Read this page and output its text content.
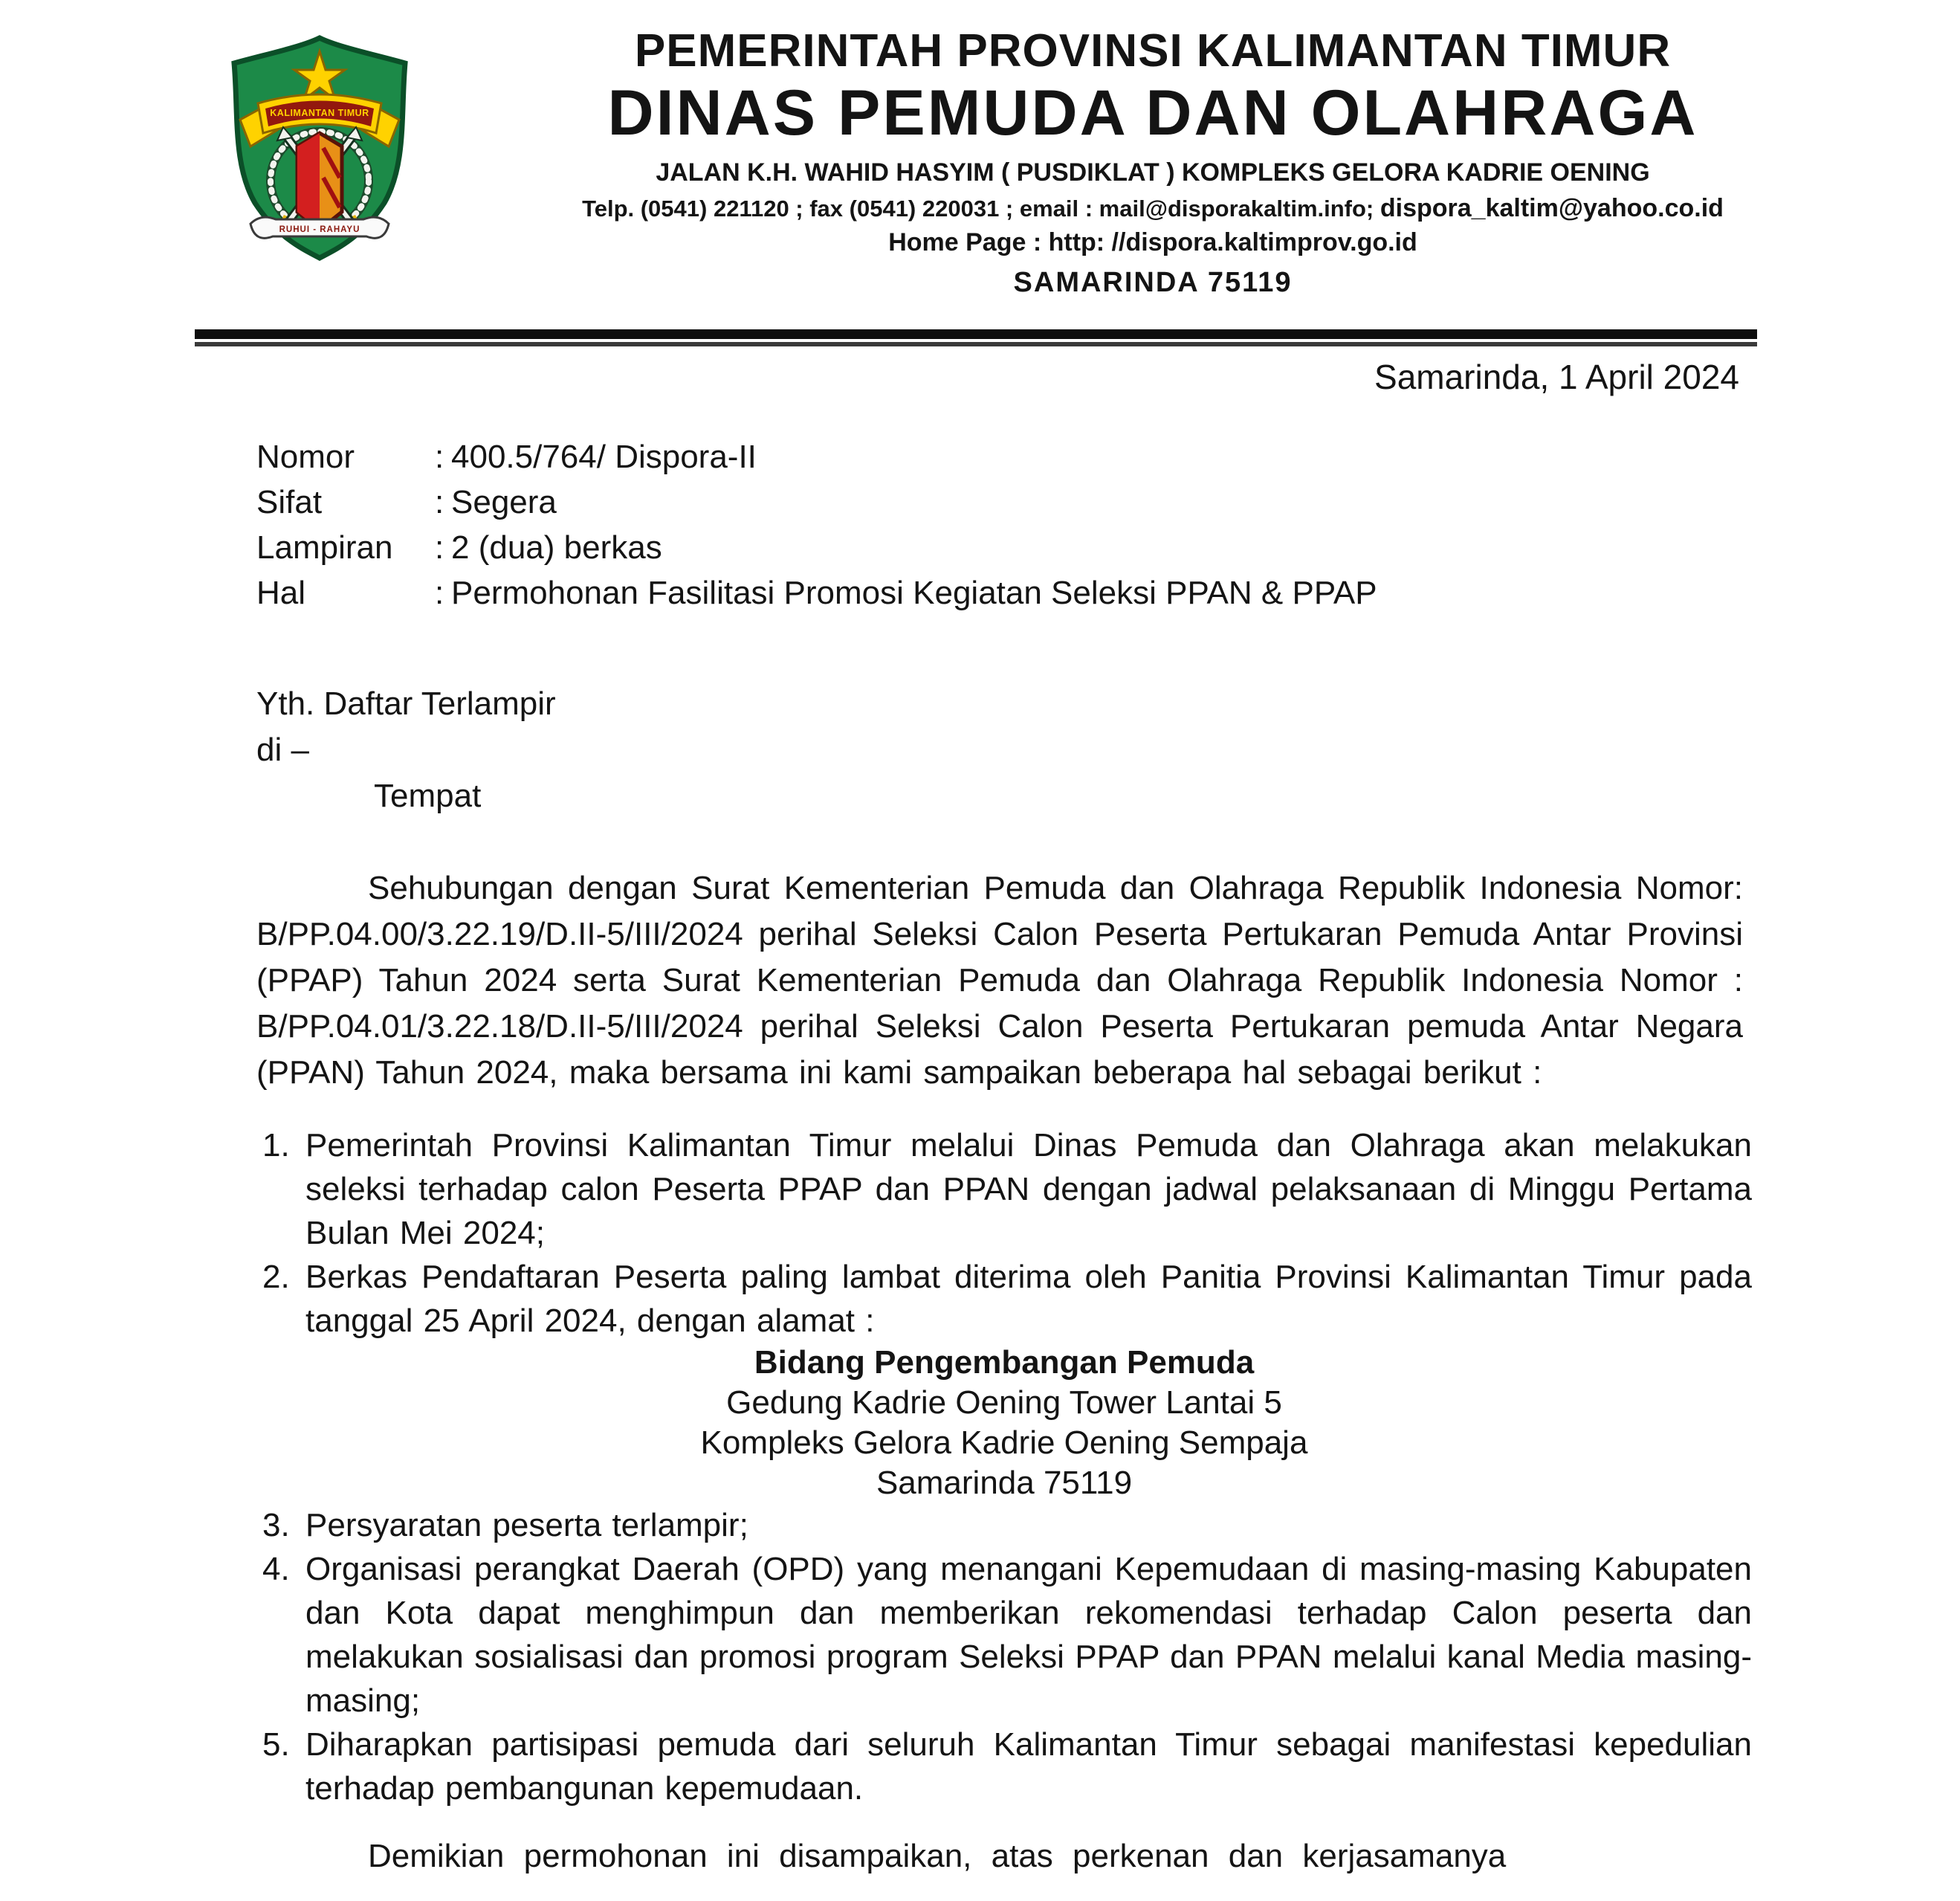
KALIMANTAN TIMUR
RUHUI - RAHAYU
PEMERINTAH PROVINSI KALIMANTAN TIMUR
DINAS PEMUDA DAN OLAHRAGA
JALAN K.H. WAHID HASYIM ( PUSDIKLAT ) KOMPLEKS GELORA KADRIE OENING
Telp. (0541) 221120 ; fax (0541) 220031 ; email : mail@disporakaltim.info; dispora_kaltim@yahoo.co.id
Home Page : http: //dispora.kaltimprov.go.id
SAMARINDA 75119
Samarinda, 1 April 2024
Nomor	: 400.5/764/ Dispora-II
Sifat	: Segera
Lampiran	: 2 (dua) berkas
Hal	: Permohonan Fasilitasi Promosi Kegiatan Seleksi PPAN & PPAP
Yth. Daftar Terlampir
di –
Tempat

Sehubungan dengan Surat Kementerian Pemuda dan Olahraga Republik Indonesia Nomor: B/PP.04.00/3.22.19/D.II-5/III/2024 perihal Seleksi Calon Peserta Pertukaran Pemuda Antar Provinsi (PPAP) Tahun 2024 serta Surat Kementerian Pemuda dan Olahraga Republik Indonesia Nomor : B/PP.04.01/3.22.18/D.II-5/III/2024 perihal Seleksi Calon Peserta Pertukaran pemuda Antar Negara (PPAN) Tahun 2024, maka bersama ini kami sampaikan beberapa hal sebagai berikut :

1. Pemerintah Provinsi Kalimantan Timur melalui Dinas Pemuda dan Olahraga akan melakukan seleksi terhadap calon Peserta PPAP dan PPAN dengan jadwal pelaksanaan di Minggu Pertama Bulan Mei 2024;
2. Berkas Pendaftaran Peserta paling lambat diterima oleh Panitia Provinsi Kalimantan Timur pada tanggal 25 April 2024, dengan alamat :
Bidang Pengembangan Pemuda
Gedung Kadrie Oening Tower Lantai 5
Kompleks Gelora Kadrie Oening Sempaja
Samarinda 75119
3. Persyaratan peserta terlampir;
4. Organisasi perangkat Daerah (OPD) yang menangani Kepemudaan di masing-masing Kabupaten dan Kota dapat menghimpun dan memberikan rekomendasi terhadap Calon peserta dan melakukan sosialisasi dan promosi program Seleksi PPAP dan PPAN melalui kanal Media masing-masing;
5. Diharapkan partisipasi pemuda dari seluruh Kalimantan Timur sebagai manifestasi kepedulian terhadap pembangunan kepemudaan.

Demikian permohonan ini disampaikan, atas perkenan dan kerjasamanya
